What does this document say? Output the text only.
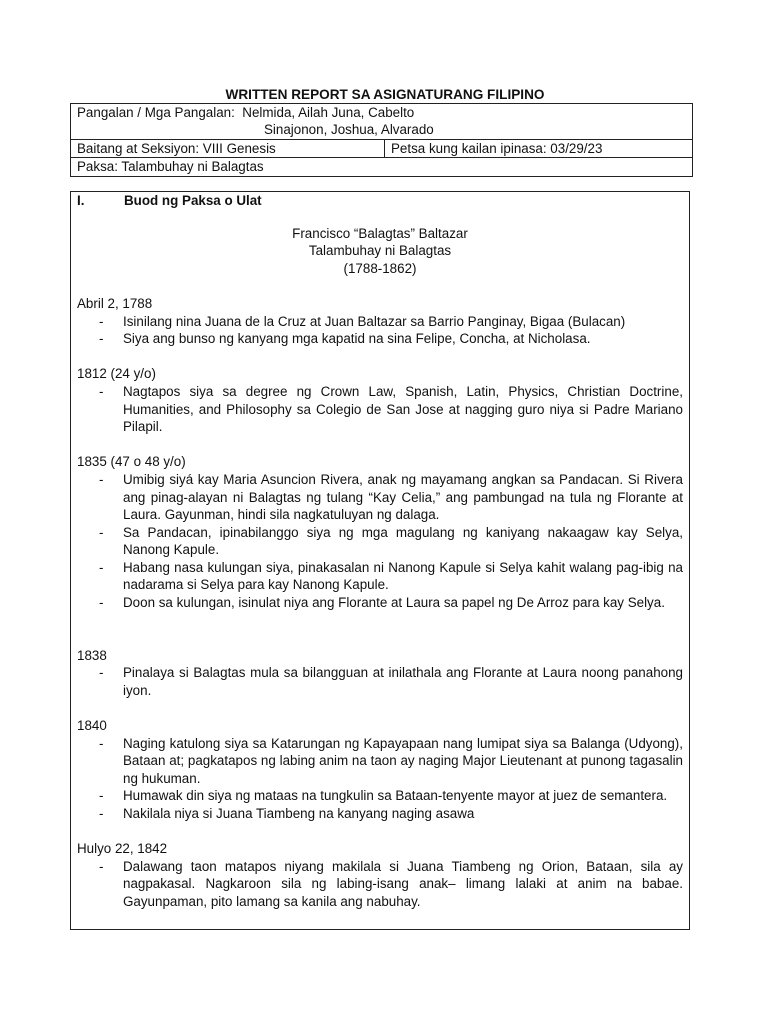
WRITTEN REPORT SA ASIGNATURANG FILIPINO
Pangalan / Mga Pangalan: Nelmida, Ailah Juna, Cabelto
Sinajonon, Joshua, Alvarado

Baitang at Seksiyon: VIII Genesis	Petsa kung kailan ipinasa: 03/29/23
Paksa: Talambuhay ni Balagtas
I.	Buod ng Paksa o Ulat
Francisco “Balagtas” Baltazar
Talambuhay ni Balagtas
(1788-1862)
Abril 2, 1788
- Isinilang nina Juana de la Cruz at Juan Baltazar sa Barrio Panginay, Bigaa (Bulacan)
- Siya ang bunso ng kanyang mga kapatid na sina Felipe, Concha, at Nicholasa.
1812 (24 y/o)
- Nagtapos siya sa degree ng Crown Law, Spanish, Latin, Physics, Christian Doctrine, Humanities, and Philosophy sa Colegio de San Jose at nagging guro niya si Padre Mariano Pilapil.
1835 (47 o 48 y/o)
- Umibig siyá kay Maria Asuncion Rivera, anak ng mayamang angkan sa Pandacan. Si Rivera ang pinag-alayan ni Balagtas ng tulang “Kay Celia,” ang pambungad na tula ng Florante at Laura. Gayunman, hindi sila nagkatuluyan ng dalaga.
- Sa Pandacan, ipinabilanggo siya ng mga magulang ng kaniyang nakaagaw kay Selya, Nanong Kapule.
- Habang nasa kulungan siya, pinakasalan ni Nanong Kapule si Selya kahit walang pag-ibig na nadarama si Selya para kay Nanong Kapule.
- Doon sa kulungan, isinulat niya ang Florante at Laura sa papel ng De Arroz para kay Selya.
1838
- Pinalaya si Balagtas mula sa bilangguan at inilathala ang Florante at Laura noong panahong iyon.
1840
- Naging katulong siya sa Katarungan ng Kapayapaan nang lumipat siya sa Balanga (Udyong), Bataan at; pagkatapos ng labing anim na taon ay naging Major Lieutenant at punong tagasalin ng hukuman.
- Humawak din siya ng mataas na tungkulin sa Bataan-tenyente mayor at juez de semantera.
- Nakilala niya si Juana Tiambeng na kanyang naging asawa
Hulyo 22, 1842
- Dalawang taon matapos niyang makilala si Juana Tiambeng ng Orion, Bataan, sila ay nagpakasal. Nagkaroon sila ng labing-isang anak– limang lalaki at anim na babae. Gayunpaman, pito lamang sa kanila ang nabuhay.
